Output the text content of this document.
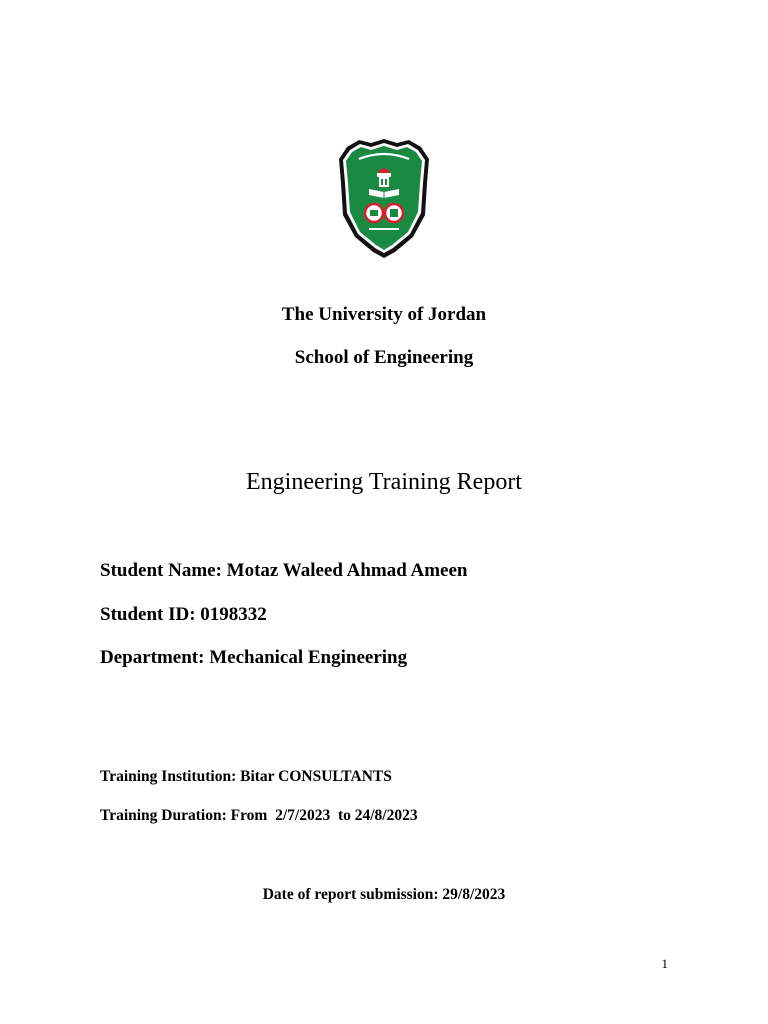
The University of Jordan
School of Engineering
Engineering Training Report
Student Name: Motaz Waleed Ahmad Ameen
Student ID: 0198332
Department: Mechanical Engineering
Training Institution: Bitar CONSULTANTS
Training Duration: From  2/7/2023  to 24/8/2023
Date of report submission: 29/8/2023
1
